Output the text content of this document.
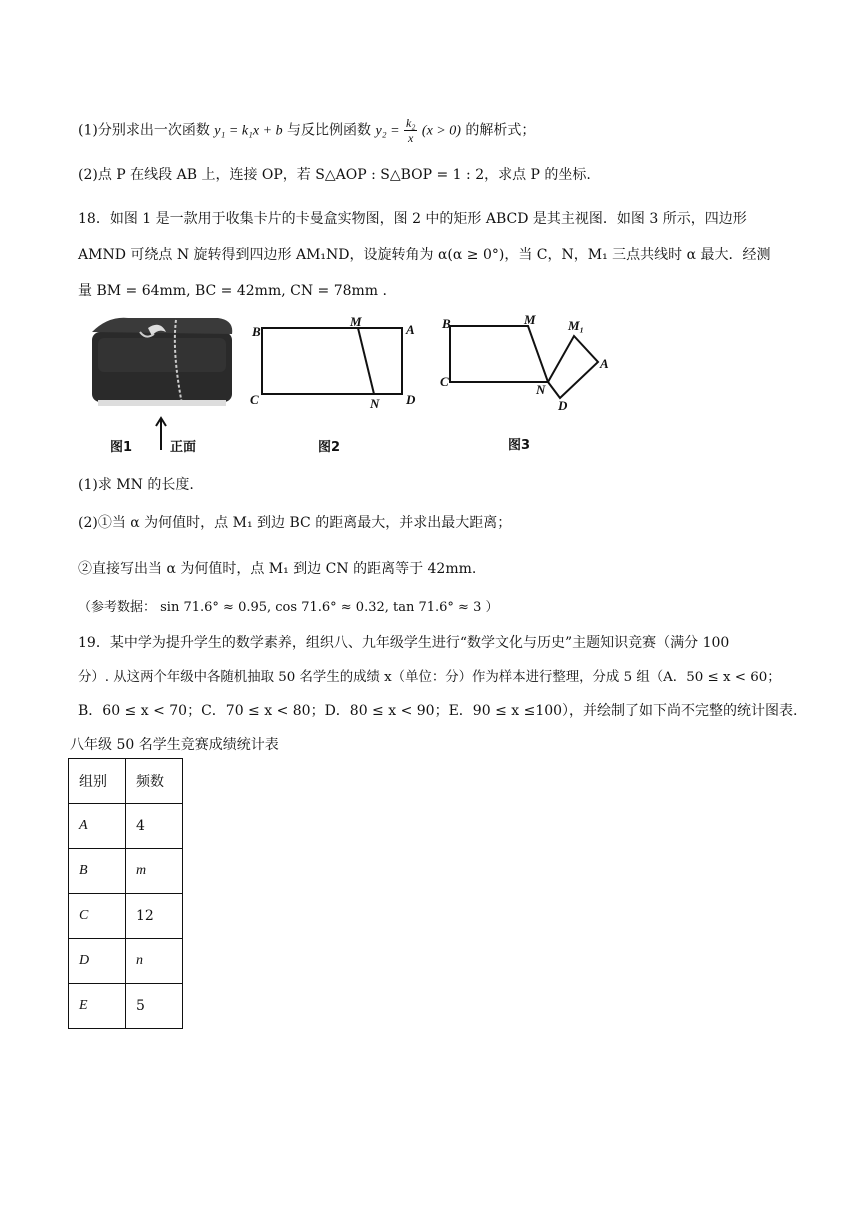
(1)分别求出一次函数 y₁ = k₁x + b 与反比例函数 $y_2 = \frac{\text{k₂}}{x} (x > 0)$ 的解析式；
(2)点 P 在线段 AB 上，连接 OP，若 S△AOP : S△BOP = 1 : 2，求点 P 的坐标.
18．如图 1 是一款用于收集卡片的卡曼盒实物图，图 2 中的矩形 ABCD 是其主视图．如图 3 所示，四边形
AMND 可绕点 N 旋转得到四边形 AM₁ND，设旋转角为 α(α ≥ 0°)，当 C，N，M₁ 三点共线时 α 最大．经测
量 BM = 64mm, BC = 42mm, CN = 78mm .
图1	正面
B
M
A
C	N D
图2
B	M M₁
A
C
N
D
图3
(1)求 MN 的长度.
(2)①当 α 为何值时，点 M₁ 到边 BC 的距离最大，并求出最大距离；
②直接写出当 α 为何值时，点 M₁ 到边 CN 的距离等于 42mm.
（参考数据： sin 71.6° ≈ 0.95, cos 71.6° ≈ 0.32, tan 71.6° ≈ 3 ）
19．某中学为提升学生的数学素养，组织八、九年级学生进行“数学文化与历史”主题知识竞赛（满分 100
分）. 从这两个年级中各随机抽取 50 名学生的成绩 x（单位：分）作为样本进行整理，分成 5 组（A．50 ≤ x < 60；
B．60 ≤ x < 70；C．70 ≤ x < 80；D．80 ≤ x < 90；E．90 ≤ x ≤100），并绘制了如下尚不完整的统计图表.
八年级 50 名学生竞赛成绩统计表
组别	频数
A	4
B	m
C	12
D	n
E	5
